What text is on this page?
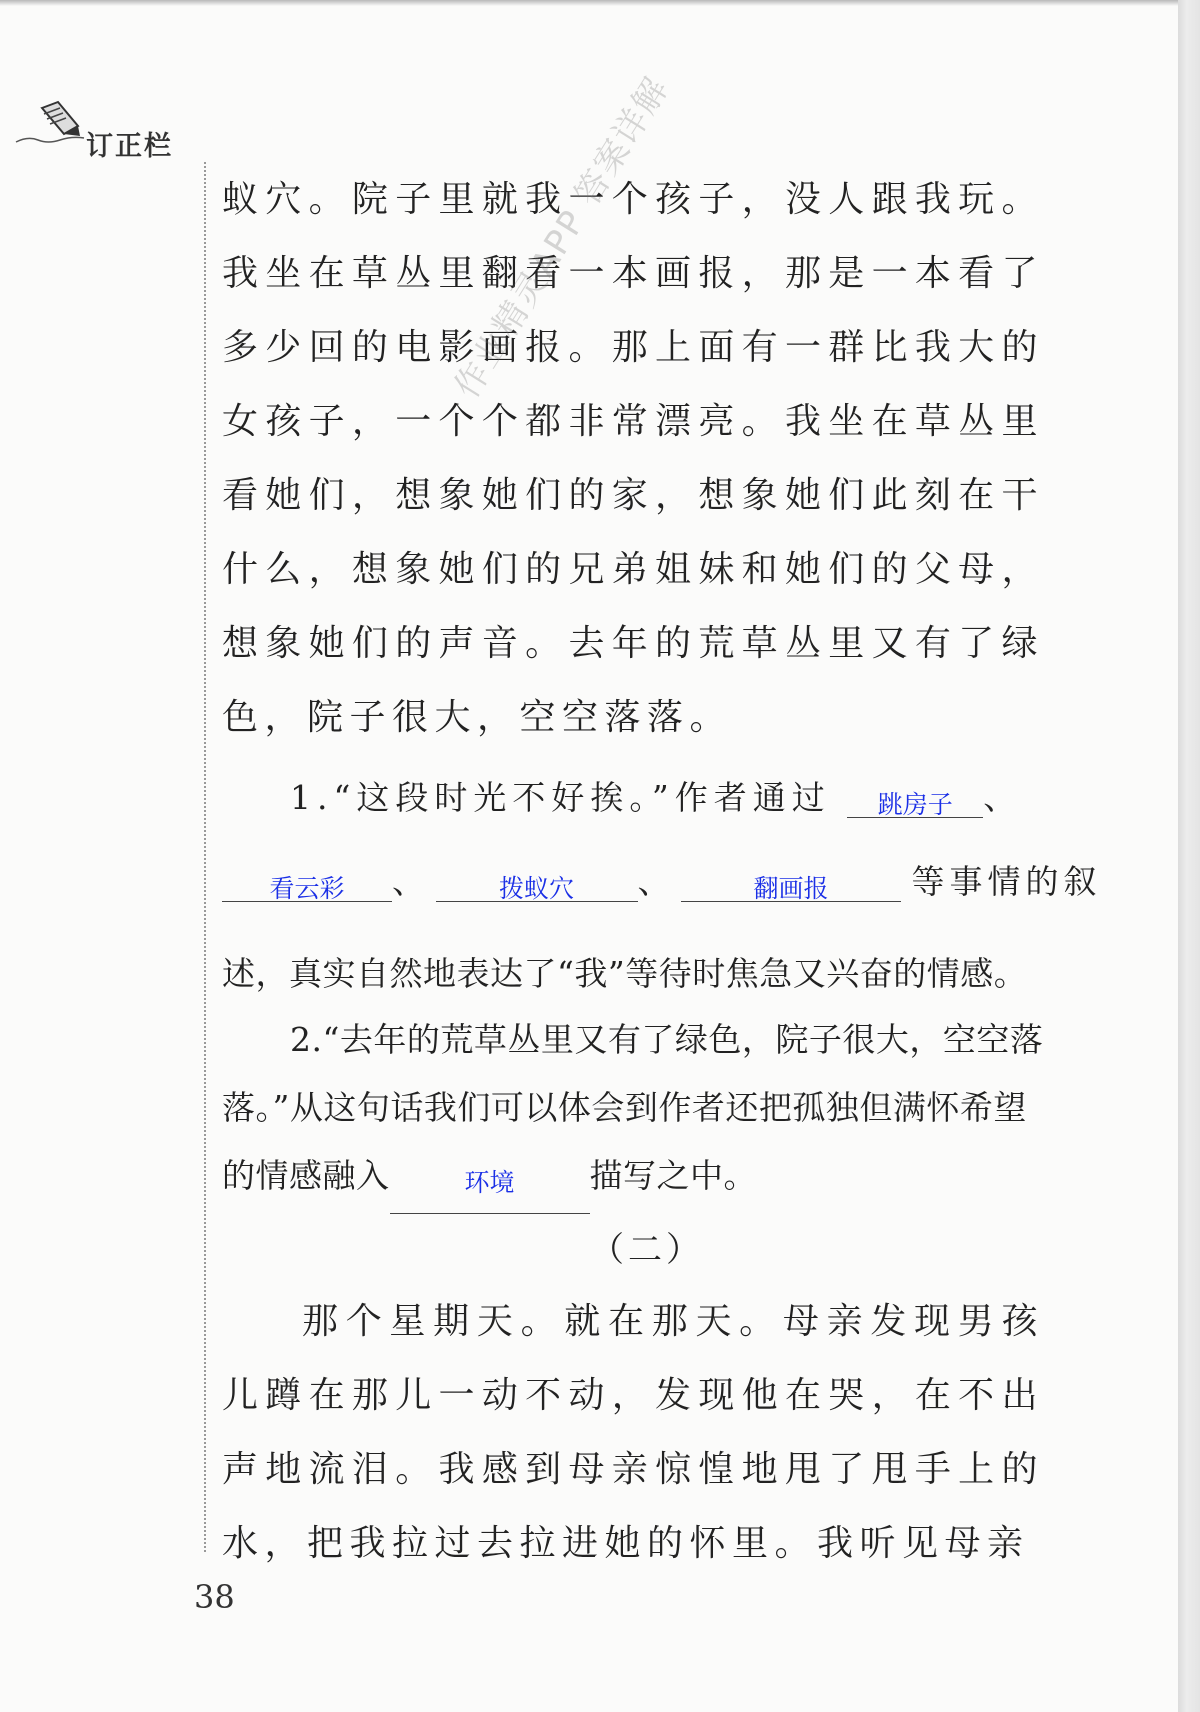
订正栏

蚁穴。院子里就我一个孩子，没人跟我玩。我坐在草丛里翻看一本画报，那是一本看了多少回的电影画报。那上面有一群比我大的女孩子，一个个都非常漂亮。我坐在草丛里看她们，想象她们的家，想象她们此刻在干什么，想象她们的兄弟姐妹和她们的父母，想象她们的声音。去年的荒草丛里又有了绿色，院子很大，空空落落。

1.“这段时光不好挨。”作者通过 跳房子 、
看云彩 、	拨蚁穴 、	翻画报	等事情的叙

述，真实自然地表达了“我”等待时焦急又兴奋的情感。

2.“去年的荒草丛里又有了绿色，院子很大，空空落落。”从这句话我们可以体会到作者还把孤独但满怀希望的情感融入	环境 描写之中。

（二）

那个星期天。就在那天。母亲发现男孩儿蹲在那儿一动不动，发现他在哭，在不出声地流泪。我感到母亲惊惶地甩了甩手上的水，把我拉过去拉进她的怀里。我听见母亲

38
作业精灵APP 答案详解
